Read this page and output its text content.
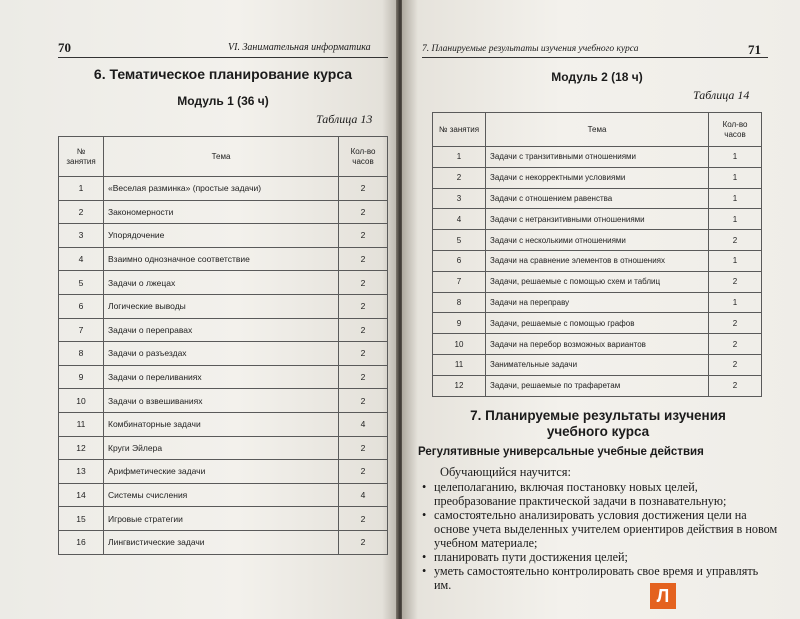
70	VI. Занимательная информатика
6. Тематическое планирование курса
Модуль 1 (36 ч)
Таблица 13
№ занятия	Тема	Кол-во часов
1	«Веселая разминка» (простые задачи)	2
2	Закономерности	2
3	Упорядочение	2
4	Взаимно однозначное соответствие	2
5	Задачи о лжецах	2
6	Логические выводы	2
7	Задачи о переправах	2
8	Задачи о разъездах	2
9	Задачи о переливаниях	2
10	Задачи о взвешиваниях	2
11	Комбинаторные задачи	4
12	Круги Эйлера	2
13	Арифметические задачи	2
14	Системы счисления	4
15	Игровые стратегии	2
16	Лингвистические задачи	2
7. Планируемые результаты изучения учебного курса	71
Модуль 2 (18 ч)
Таблица 14
№ занятия	Тема	Кол-во часов
1	Задачи с транзитивными отношениями	1
2	Задачи с некорректными условиями	1
3	Задачи с отношением равенства	1
4	Задачи с нетранзитивными отношениями	1
5	Задачи с несколькими отношениями	2
6	Задачи на сравнение элементов в отношениях	1
7	Задачи, решаемые с помощью схем и таблиц	2
8	Задачи на переправу	1
9	Задачи, решаемые с помощью графов	2
10	Задачи на перебор возможных вариантов	2
11	Занимательные задачи	2
12	Задачи, решаемые по трафаретам	2
7. Планируемые результаты изучения
учебного курса
Регулятивные универсальные учебные действия
Обучающийся научится:
• целеполаганию, включая постановку новых целей, преобразование практической задачи в познавательную;
• самостоятельно анализировать условия достижения цели на основе учета выделенных учителем ориентиров действия в новом учебном материале;
• планировать пути достижения целей;
• уметь самостоятельно контролировать свое время и управлять им.
Л
